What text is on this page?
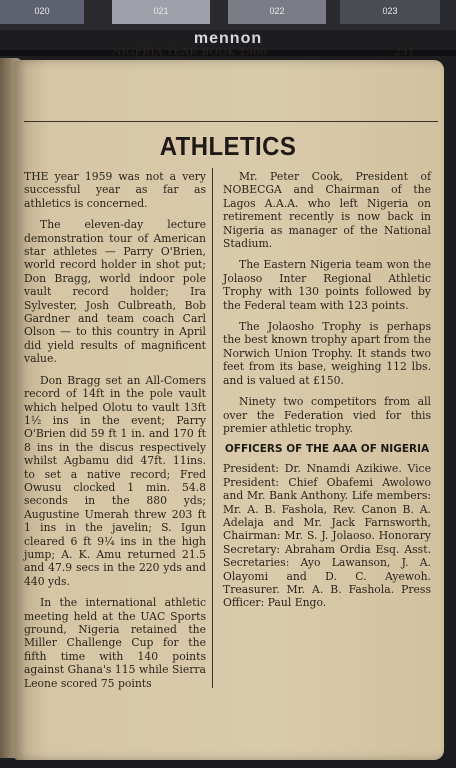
020	021	022	023
mennon
NIGFRIA YEAR BOOK 1960	231
ATHLETICS

THE year 1959 was not a very successful year as far as athletics is concerned.

The eleven-day lecture demonstration tour of American star athletes — Parry O'Brien, world record holder in shot put; Don Bragg, world indoor pole vault record holder; Ira Sylvester, Josh Culbreath, Bob Gardner and team coach Carl Olson — to this country in April did yield results of magnificent value.

Don Bragg set an All-Comers record of 14ft in the pole vault which helped Olotu to vault 13ft 1½ ins in the event; Parry O'Brien did 59 ft 1 in. and 170 ft 8 ins in the discus respectively whilst Agbamu did 47ft. 11ins. to set a native record; Fred Owusu clocked 1 min. 54.8 seconds in the 880 yds; Augustine Umerah threw 203 ft 1 ins in the javelin; S. Igun cleared 6 ft 9¼ ins in the high jump; A. K. Amu returned 21.5 and 47.9 secs in the 220 yds and 440 yds.

In the international athletic meeting held at the UAC Sports ground, Nigeria retained the Miller Challenge Cup for the fifth time with 140 points against Ghana's 115 while Sierra Leone scored 75 points

Mr. Peter Cook, President of NOBECGA and Chairman of the Lagos A.A.A. who left Nigeria on retirement recently is now back in Nigeria as manager of the National Stadium.

The Eastern Nigeria team won the Jolaoso Inter Regional Athletic Trophy with 130 points followed by the Federal team with 123 points.

The Jolaosho Trophy is perhaps the best known trophy apart from the Norwich Union Trophy. It stands two feet from its base, weighing 112 lbs. and is valued at £150.

Ninety two competitors from all over the Federation vied for this premier athletic trophy.

OFFICERS OF THE AAA OF NIGERIA

President: Dr. Nnamdi Azikiwe. Vice President: Chief Obafemi Awolowo and Mr. Bank Anthony. Life members: Mr. A. B. Fashola, Rev. Canon B. A. Adelaja and Mr. Jack Farnsworth, Chairman: Mr. S. J. Jolaoso. Honorary Secretary: Abraham Ordia Esq. Asst. Secretaries: Ayo Lawanson, J. A. Olayomi and D. C. Ayewoh. Treasurer. Mr. A. B. Fashola. Press Officer: Paul Engo.
